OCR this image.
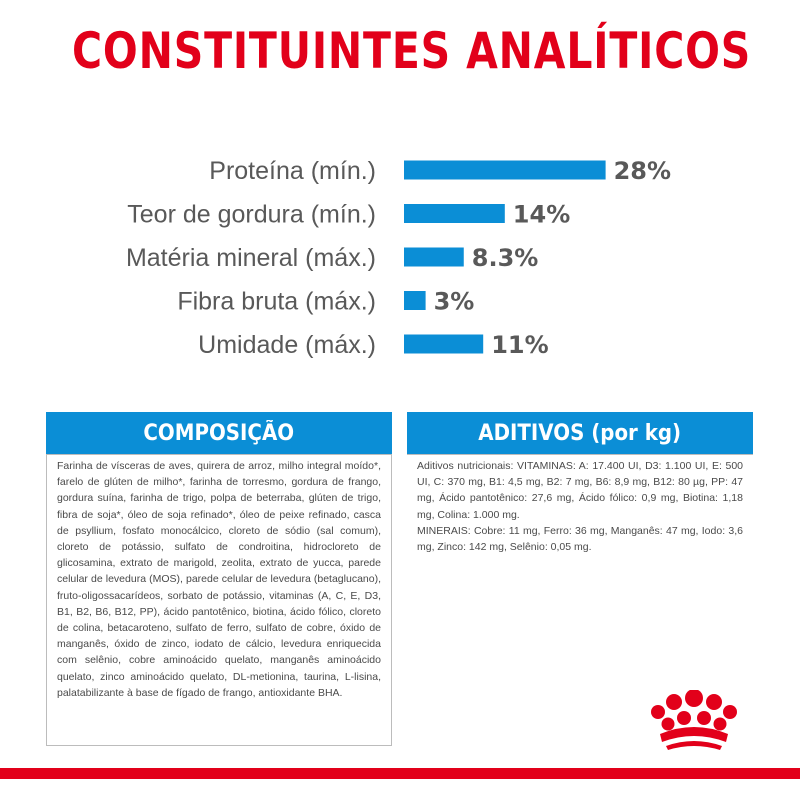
CONSTITUINTES ANALÍTICOS
Proteína (mín.)	28%
Teor de gordura (mín.)	14%
Matéria mineral (máx.)	8.3%
Fibra bruta (máx.) 3%
Umidade (máx.)	11%
COMPOSIÇÃO
Farinha de vísceras de aves, quirera de arroz, milho integral moído*, farelo de glúten de milho*, farinha de torresmo, gordura de frango, gordura suína, farinha de trigo, polpa de beterraba, glúten de trigo, fibra de soja*, óleo de soja refinado*, óleo de peixe refinado, casca de psyllium, fosfato monocálcico, cloreto de sódio (sal comum), cloreto de potássio, sulfato de condroitina, hidrocloreto de glicosamina, extrato de marigold, zeolita, extrato de yucca, parede celular de levedura (MOS), parede celular de levedura (betaglucano), fruto-oligossacarídeos, sorbato de potássio, vitaminas (A, C, E, D3, B1, B2, B6, B12, PP), ácido pantotênico, biotina, ácido fólico, cloreto de colina, betacaroteno, sulfato de ferro, sulfato de cobre, óxido de manganês, óxido de zinco, iodato de cálcio, levedura enriquecida com selênio, cobre aminoácido quelato, manganês aminoácido quelato, zinco aminoácido quelato, DL-metionina, taurina, L-lisina, palatabilizante à base de fígado de frango, antioxidante BHA.
ADITIVOS (por kg)
Aditivos nutricionais: VITAMINAS: A: 17.400 UI, D3: 1.100 UI, E: 500 UI, C: 370 mg, B1: 4,5 mg, B2: 7 mg, B6: 8,9 mg, B12: 80 µg, PP: 47 mg, Ácido pantotênico: 27,6 mg, Ácido fólico: 0,9 mg, Biotina: 1,18 mg, Colina: 1.000 mg.
MINERAIS: Cobre: 11 mg, Ferro: 36 mg, Manganês: 47 mg, Iodo: 3,6 mg, Zinco: 142 mg, Selênio: 0,05 mg.
